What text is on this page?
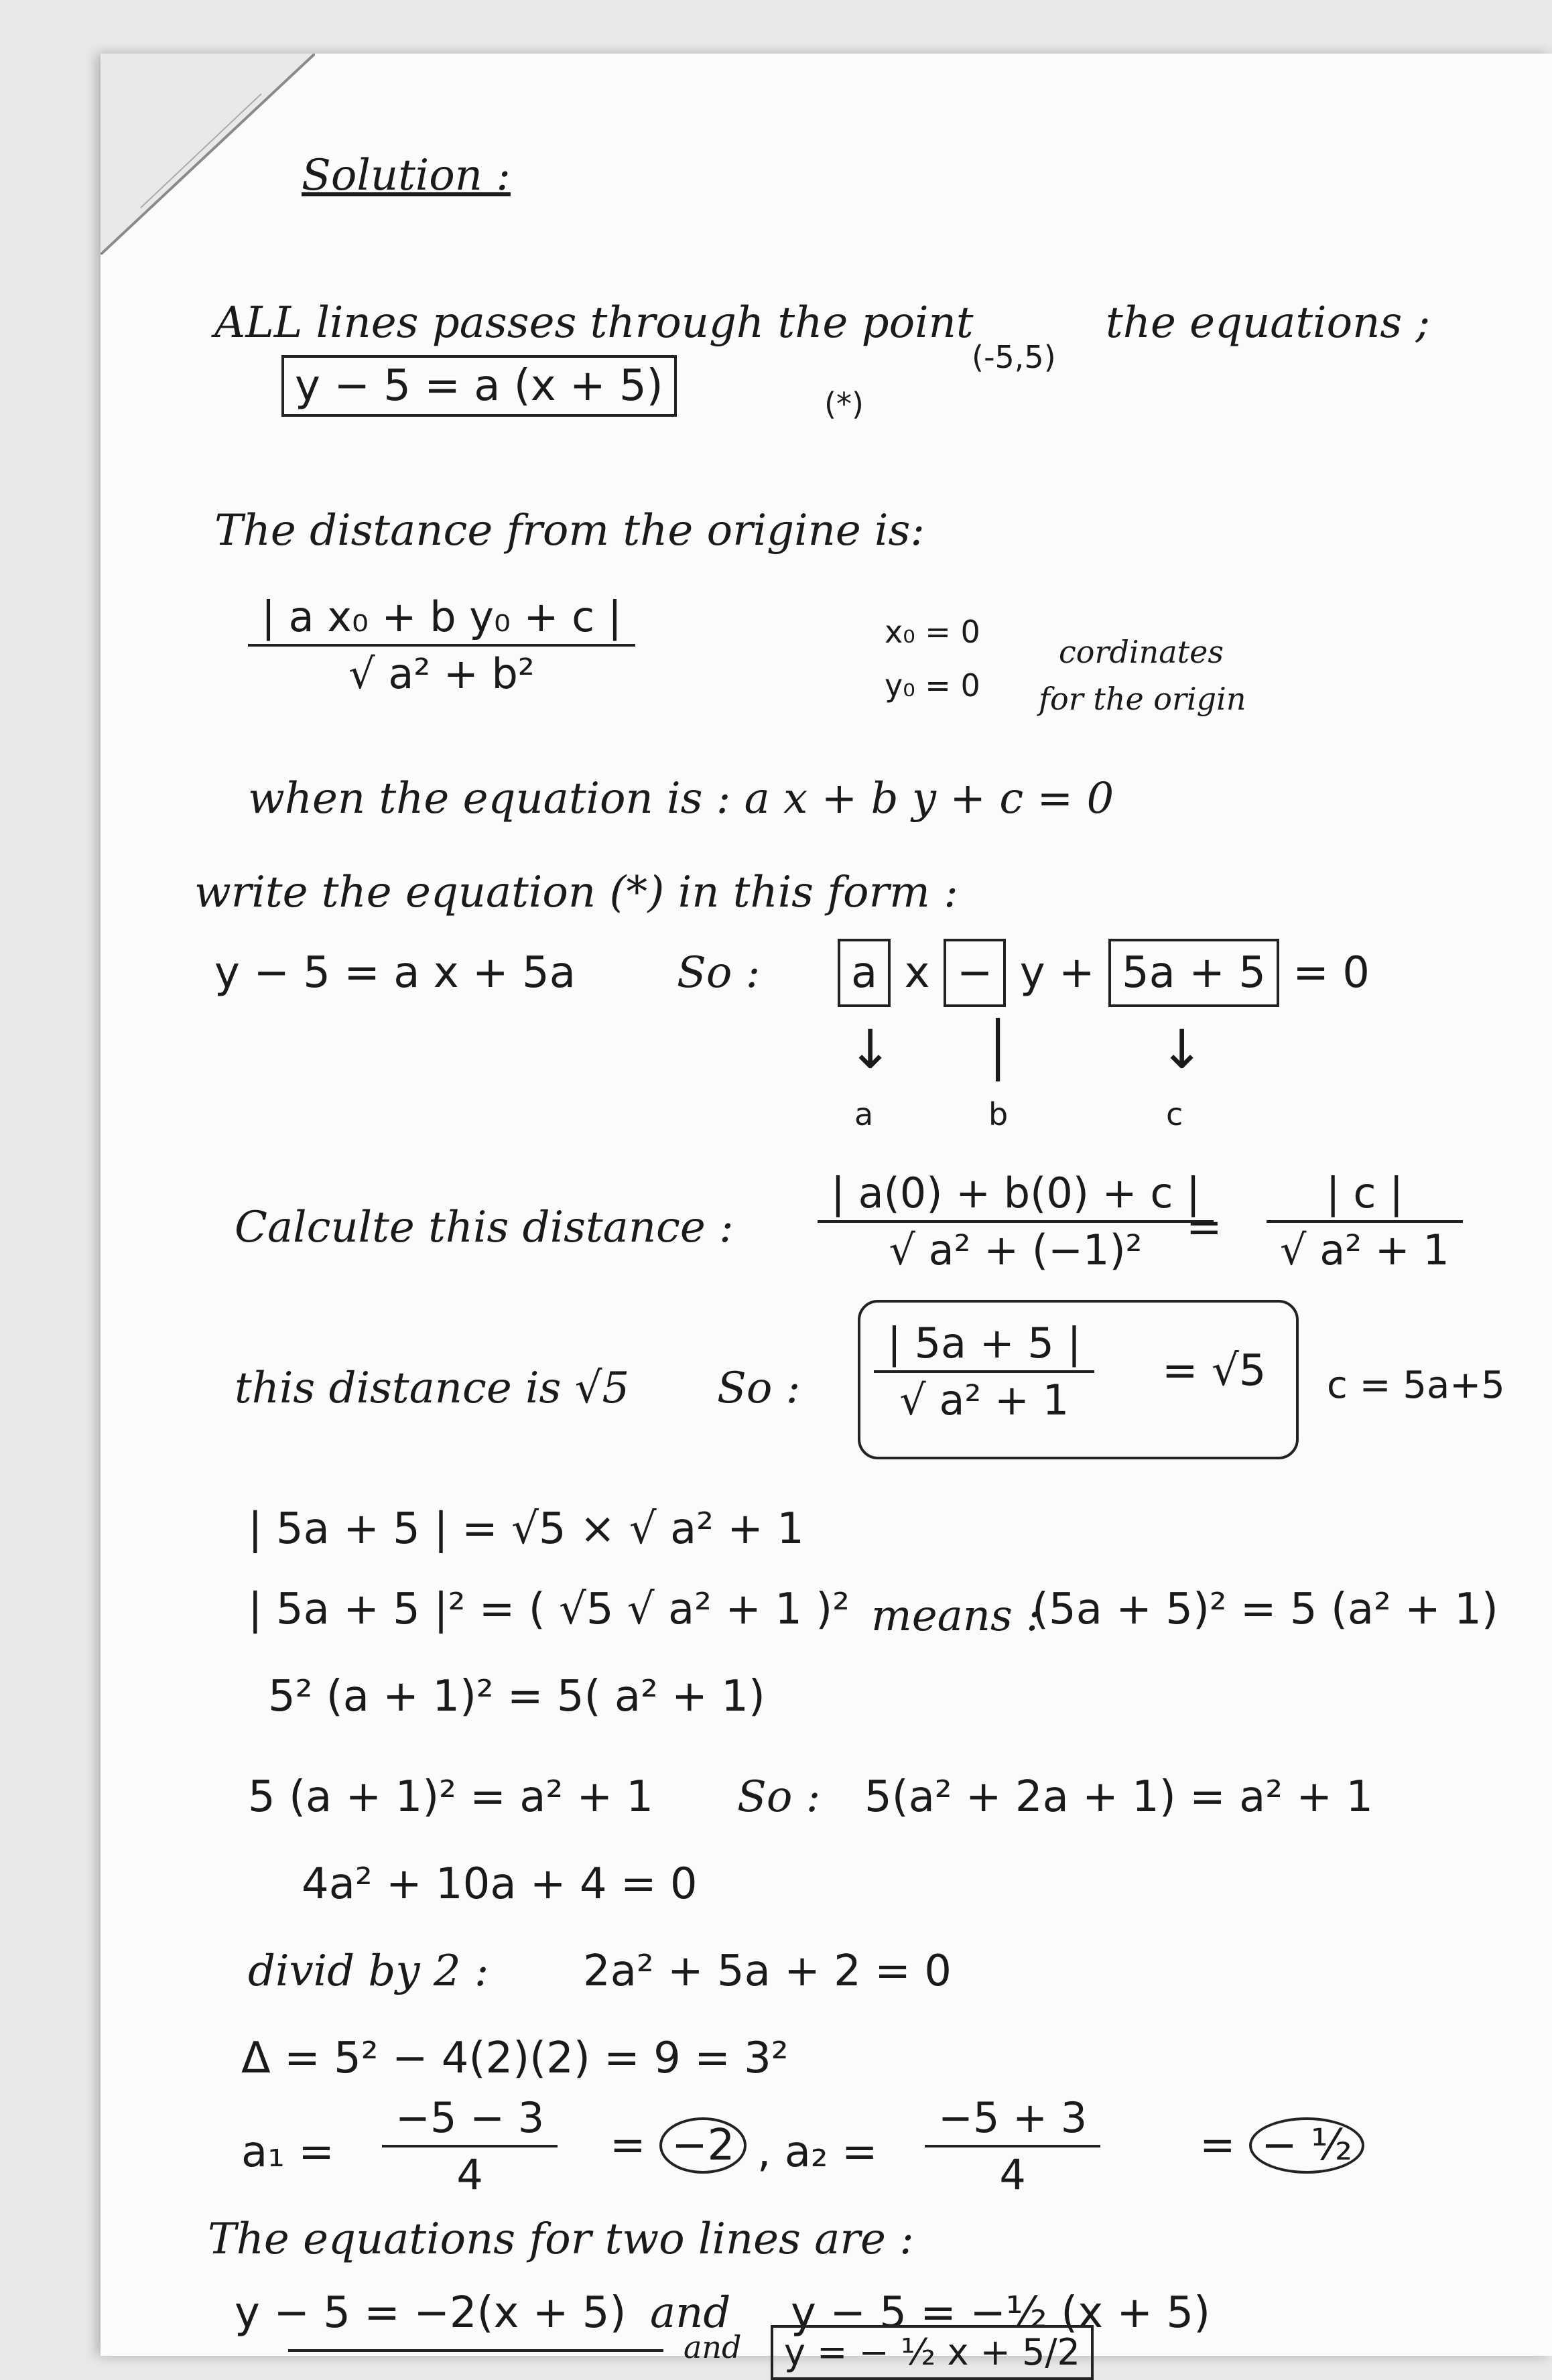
Solution :
ALL lines passes through the point	the equations ;
(-5,5)
y − 5 = a (x + 5)	(*)
The distance from the origine is:
$\frac{\text{| a x₀ + b y₀ + c |}}{\text{√ a² + b²}}$	x₀ = 0
y₀ = 0
cordinates
for the origin
when the equation is : a x + b y + c = 0
write the equation (*) in this form :
y − 5 = a x + 5a So :	a x − y + 5a + 5 = 0
↓ │	↓
a	b	c
Calculte this distance : $\frac{| a(0) + b(0) + c |}{\text{√ a² + (−1)²}}$
= $\frac{| c |}{\text{√ a² + 1}}$
this distance is √5 So : $\frac{| 5a + 5 |}{\text{√ a² + 1}} = √5$ c = 5a+5
| 5a + 5 | = √5 × √ a² + 1
| 5a + 5 |² = ( √5 √ a² + 1 )² means :
(5a + 5)² = 5 (a² + 1)
5² (a + 1)² = 5( a² + 1)
5 (a + 1)² = a² + 1 So : 5(a² + 2a + 1) = a² + 1
4a² + 10a + 4 = 0
divid by 2 : 2a² + 5a + 2 = 0
Δ = 5² − 4(2)(2) = 9 = 3²
$a_1 = \frac{-5 - 3}{4} = -2$ , $a_2 = \frac{-5 + 3}{4}$ = − ½
The equations for two lines are :
y − 5 = −2(x + 5) and y − 5 = −½ (x + 5)
and	y = − ½ x + 5/2
